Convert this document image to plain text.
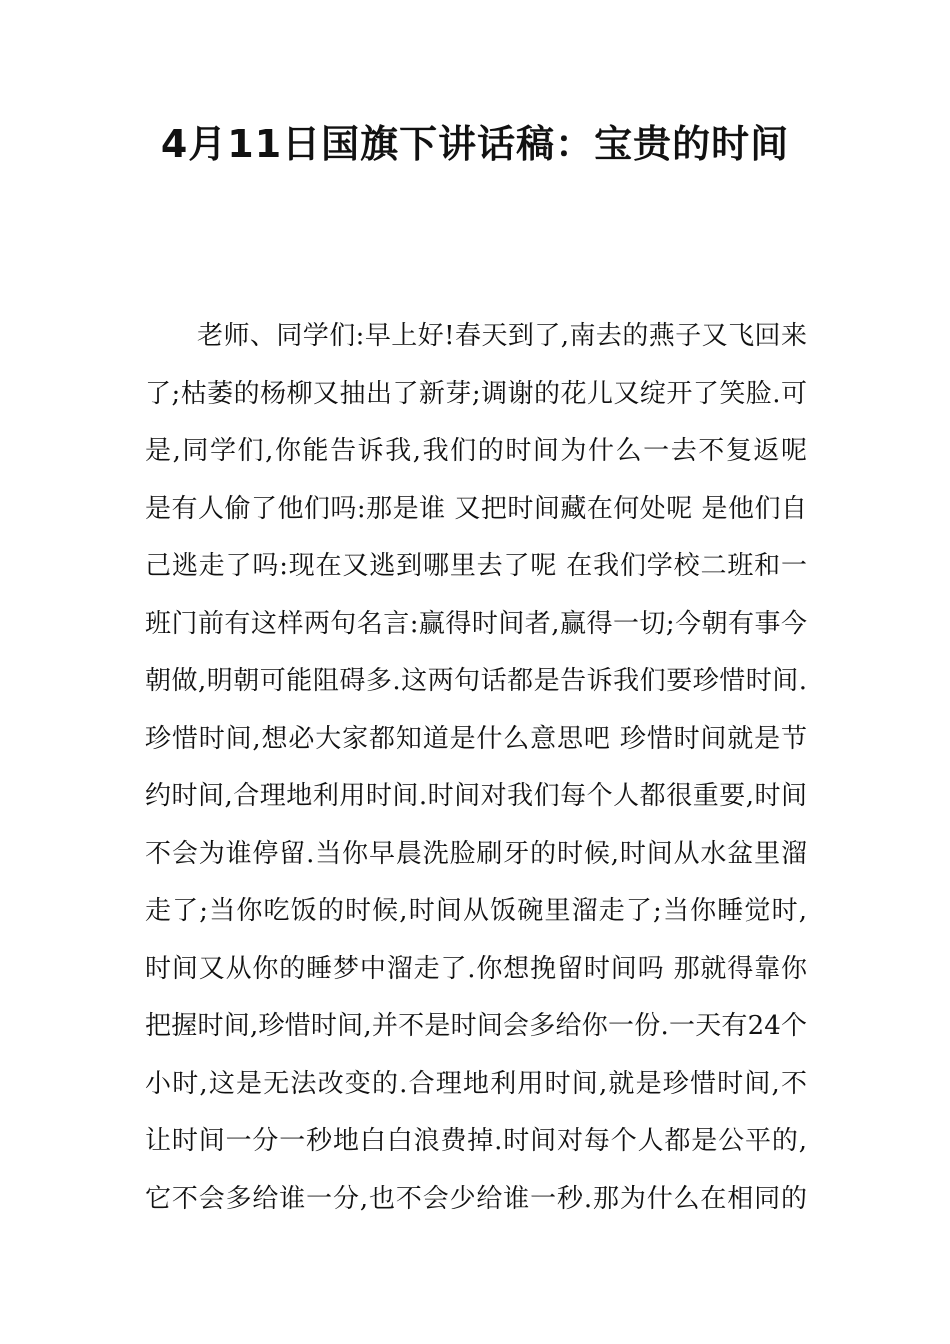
4月11日国旗下讲话稿：宝贵的时间
老师、同学们:早上好!春天到了,南去的燕子又飞回来
了;枯萎的杨柳又抽出了新芽;调谢的花儿又绽开了笑脸.可
是,同学们,你能告诉我,我们的时间为什么一去不复返呢
是有人偷了他们吗:那是谁 又把时间藏在何处呢 是他们自
己逃走了吗:现在又逃到哪里去了呢 在我们学校二班和一
班门前有这样两句名言:赢得时间者,赢得一切;今朝有事今
朝做,明朝可能阻碍多.这两句话都是告诉我们要珍惜时间.
珍惜时间,想必大家都知道是什么意思吧 珍惜时间就是节
约时间,合理地利用时间.时间对我们每个人都很重要,时间
不会为谁停留.当你早晨洗脸刷牙的时候,时间从水盆里溜
走了;当你吃饭的时候,时间从饭碗里溜走了;当你睡觉时,
时间又从你的睡梦中溜走了.你想挽留时间吗 那就得靠你
把握时间,珍惜时间,并不是时间会多给你一份.一天有24个
小时,这是无法改变的.合理地利用时间,就是珍惜时间,不
让时间一分一秒地白白浪费掉.时间对每个人都是公平的,
它不会多给谁一分,也不会少给谁一秒.那为什么在相同的
